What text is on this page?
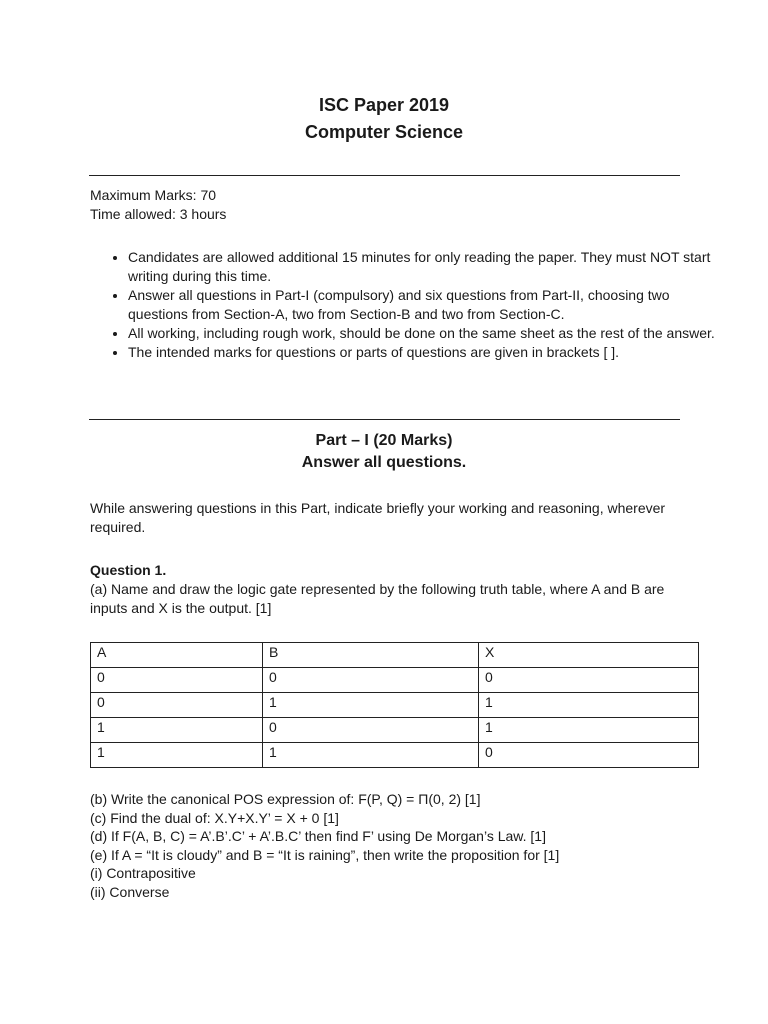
ISC Paper 2019
Computer Science
Maximum Marks: 70
Time allowed: 3 hours
• Candidates are allowed additional 15 minutes for only reading the paper. They must NOT start writing during this time.
• Answer all questions in Part-I (compulsory) and six questions from Part-II, choosing two questions from Section-A, two from Section-B and two from Section-C.
• All working, including rough work, should be done on the same sheet as the rest of the answer.
• The intended marks for questions or parts of questions are given in brackets [ ].
Part – I (20 Marks)
Answer all questions.
While answering questions in this Part, indicate briefly your working and reasoning, wherever required.
Question 1.
(a) Name and draw the logic gate represented by the following truth table, where A and B are inputs and X is the output. [1]
A	B	X
0	0	0
0	1	1
1	0	1
1	1	0
(b) Write the canonical POS expression of: F(P, Q) = Π(0, 2) [1]
(c) Find the dual of: X.Y+X.Y’ = X + 0 [1]
(d) If F(A, B, C) = A’.B’.C’ + A’.B.C’ then find F’ using De Morgan’s Law. [1]
(e) If A = “It is cloudy” and B = “It is raining”, then write the proposition for [1]
(i) Contrapositive
(ii) Converse
